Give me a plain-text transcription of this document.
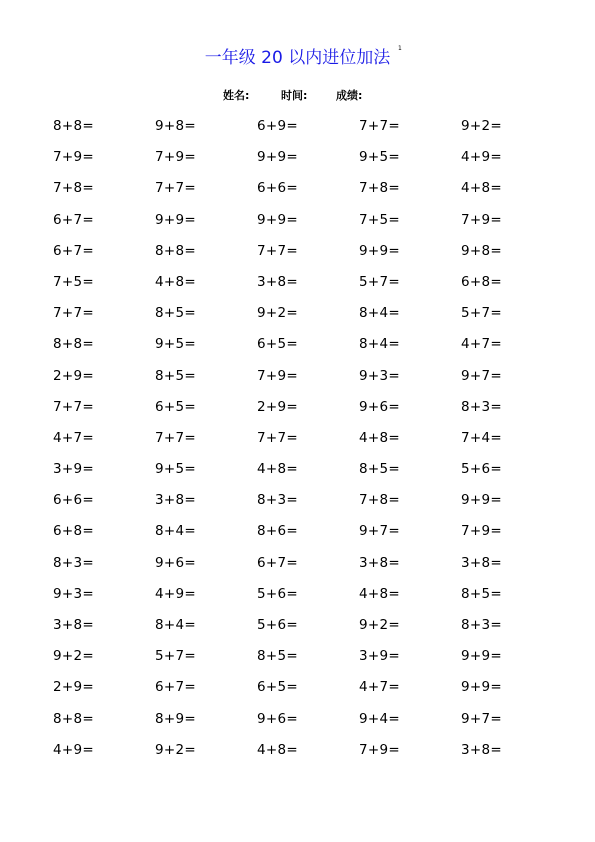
一年级 20 以内进位加法	1
姓名:	时间:	成绩:
8+8=	9+8=	6+9=	7+7=	9+2=
7+9=	7+9=	9+9=	9+5=	4+9=
7+8=	7+7=	6+6=	7+8=	4+8=
6+7=	9+9=	9+9=	7+5=	7+9=
6+7=	8+8=	7+7=	9+9=	9+8=
7+5=	4+8=	3+8=	5+7=	6+8=
7+7=	8+5=	9+2=	8+4=	5+7=
8+8=	9+5=	6+5=	8+4=	4+7=
2+9=	8+5=	7+9=	9+3=	9+7=
7+7=	6+5=	2+9=	9+6=	8+3=
4+7=	7+7=	7+7=	4+8=	7+4=
3+9=	9+5=	4+8=	8+5=	5+6=
6+6=	3+8=	8+3=	7+8=	9+9=
6+8=	8+4=	8+6=	9+7=	7+9=
8+3=	9+6=	6+7=	3+8=	3+8=
9+3=	4+9=	5+6=	4+8=	8+5=
3+8=	8+4=	5+6=	9+2=	8+3=
9+2=	5+7=	8+5=	3+9=	9+9=
2+9=	6+7=	6+5=	4+7=	9+9=
8+8=	8+9=	9+6=	9+4=	9+7=
4+9=	9+2=	4+8=	7+9=	3+8=
